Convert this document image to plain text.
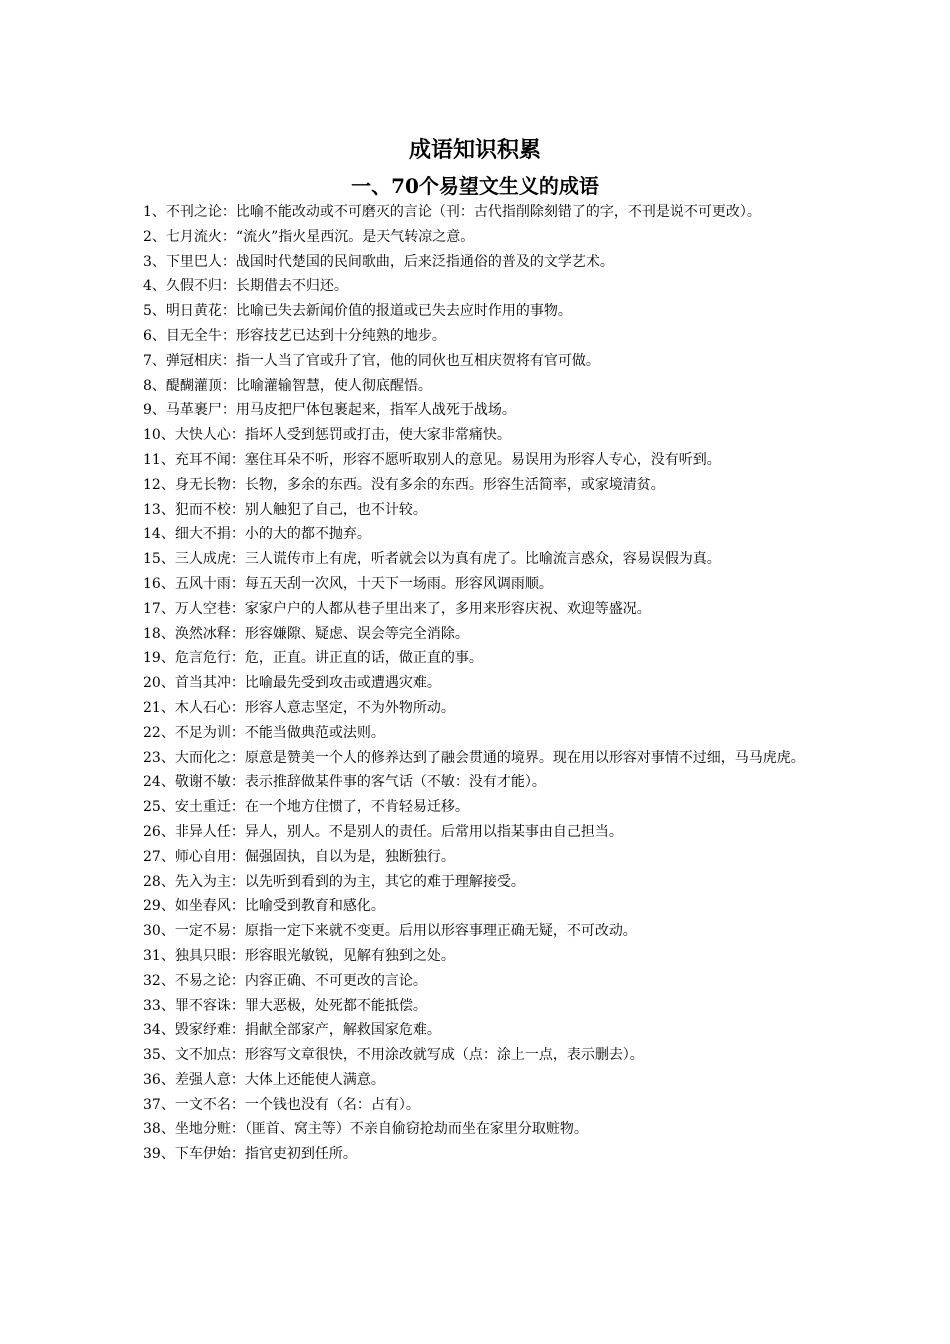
成语知识积累
一、70个易望文生义的成语
1、不刊之论：比喻不能改动或不可磨灭的言论（刊：古代指削除刻错了的字，不刊是说不可更改）。
2、七月流火：“流火”指火星西沉。是天气转凉之意。
3、下里巴人：战国时代楚国的民间歌曲，后来泛指通俗的普及的文学艺术。
4、久假不归：长期借去不归还。
5、明日黄花：比喻已失去新闻价值的报道或已失去应时作用的事物。
6、目无全牛：形容技艺已达到十分纯熟的地步。
7、弹冠相庆：指一人当了官或升了官，他的同伙也互相庆贺将有官可做。
8、醍醐灌顶：比喻灌输智慧，使人彻底醒悟。
9、马革裹尸：用马皮把尸体包裹起来，指军人战死于战场。
10、大快人心：指坏人受到惩罚或打击，使大家非常痛快。
11、充耳不闻：塞住耳朵不听，形容不愿听取别人的意见。易误用为形容人专心，没有听到。
12、身无长物：长物，多余的东西。没有多余的东西。形容生活简率，或家境清贫。
13、犯而不校：别人触犯了自己，也不计较。
14、细大不捐：小的大的都不抛弃。
15、三人成虎：三人谎传市上有虎，听者就会以为真有虎了。比喻流言惑众，容易误假为真。
16、五风十雨：每五天刮一次风，十天下一场雨。形容风调雨顺。
17、万人空巷：家家户户的人都从巷子里出来了，多用来形容庆祝、欢迎等盛况。
18、涣然冰释：形容嫌隙、疑虑、误会等完全消除。
19、危言危行：危，正直。讲正直的话，做正直的事。
20、首当其冲：比喻最先受到攻击或遭遇灾难。
21、木人石心：形容人意志坚定，不为外物所动。
22、不足为训：不能当做典范或法则。
23、大而化之：原意是赞美一个人的修养达到了融会贯通的境界。现在用以形容对事情不过细，马马虎虎。
24、敬谢不敏：表示推辞做某件事的客气话（不敏：没有才能）。
25、安土重迁：在一个地方住惯了，不肯轻易迁移。
26、非异人任：异人，别人。不是别人的责任。后常用以指某事由自己担当。
27、师心自用：倔强固执，自以为是，独断独行。
28、先入为主：以先听到看到的为主，其它的难于理解接受。
29、如坐春风：比喻受到教育和感化。
30、一定不易：原指一定下来就不变更。后用以形容事理正确无疑，不可改动。
31、独具只眼：形容眼光敏锐，见解有独到之处。
32、不易之论：内容正确、不可更改的言论。
33、罪不容诛：罪大恶极，处死都不能抵偿。
34、毁家纾难：捐献全部家产，解救国家危难。
35、文不加点：形容写文章很快，不用涂改就写成（点：涂上一点，表示删去）。
36、差强人意：大体上还能使人满意。
37、一文不名：一个钱也没有（名：占有）。
38、坐地分赃：（匪首、窝主等）不亲自偷窃抢劫而坐在家里分取赃物。
39、下车伊始：指官吏初到任所。
